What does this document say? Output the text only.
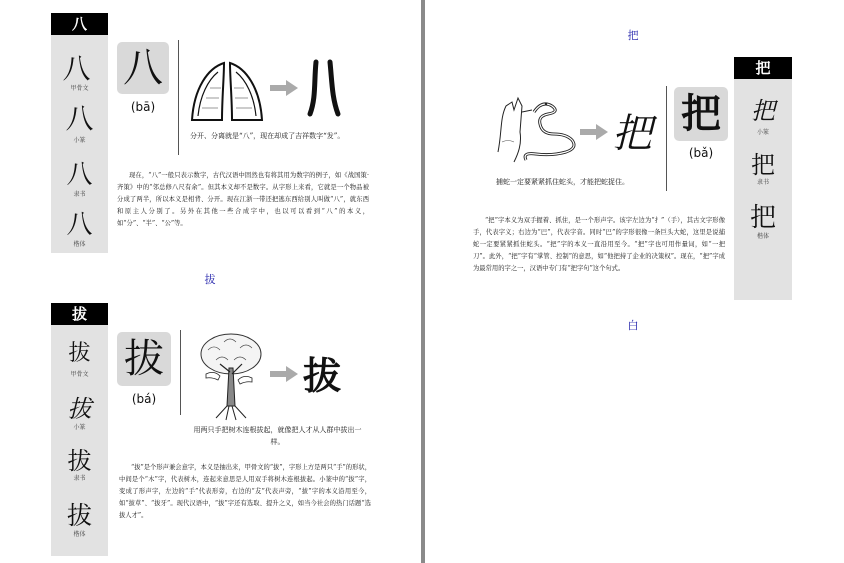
八
八
甲骨文
八
小篆
八
隶书
八
楷体
八
(bā)
分开、分离就是“八”，现在却成了吉祥数字“发”。
现在，“八”一般只表示数字，古代汉语中固然也有将其用为数字的例子，如《战国策·齐策》中的“邻总修八尺有余”。但其本义却不是数字。从字形上来看，它就是一个物品被分成了两半，所以本义是相背、分开。现在江浙一带还把逃东西给别人叫做“八”，就东西和原主人分别了。另外在其他一些合成字中，也以可以看到“八”的本义，如“分”、“半”、“公”等。
拔
拔
拔
甲骨文
拔
小篆
拔
隶书
拔
楷体
拔
(bá)
拔
用两只手把树木连根拔起，就像把人才从人群中拔出一样。
“拔”是个形声兼会意字，本义是抽出来，甲骨文的“拔”，字形上方是两只“手”的形状，中间是个“木”字，代表树木，连起来意思是人用双手将树木连根拔起。小篆中的“拔”字，变成了形声字，左边的“手”代表形旁，右边的“犮”代表声旁，“拔”字的本义沿用至今，如“拔草”、“拔牙”。现代汉语中，“拔”字还有选取、提升之义，如当今社会的热门话题“选拔人才”。
把
把
把
小篆
把
隶书
把
楷体
把
(bǎ)
把
捕蛇一定要紧紧抓住蛇头，才能把蛇捉住。
“把”字本义为双手握着、抓住，是一个形声字。该字左边为“扌”（手），其古文字形像手，代表字义；右边为“巴”，代表字音。同时“巴”的字形很像一条巨头大蛇，这里是说捕蛇一定要紧紧抓住蛇头。“把”字的本义一直沿用至今。“把”字也可用作量词，如“一把刀”。此外，“把”字有“掌管、控制”的意思，如“他把持了企业的决策权”。现在，“把”字成为最常用的字之一，汉语中专门有“把字句”这个句式。
白
